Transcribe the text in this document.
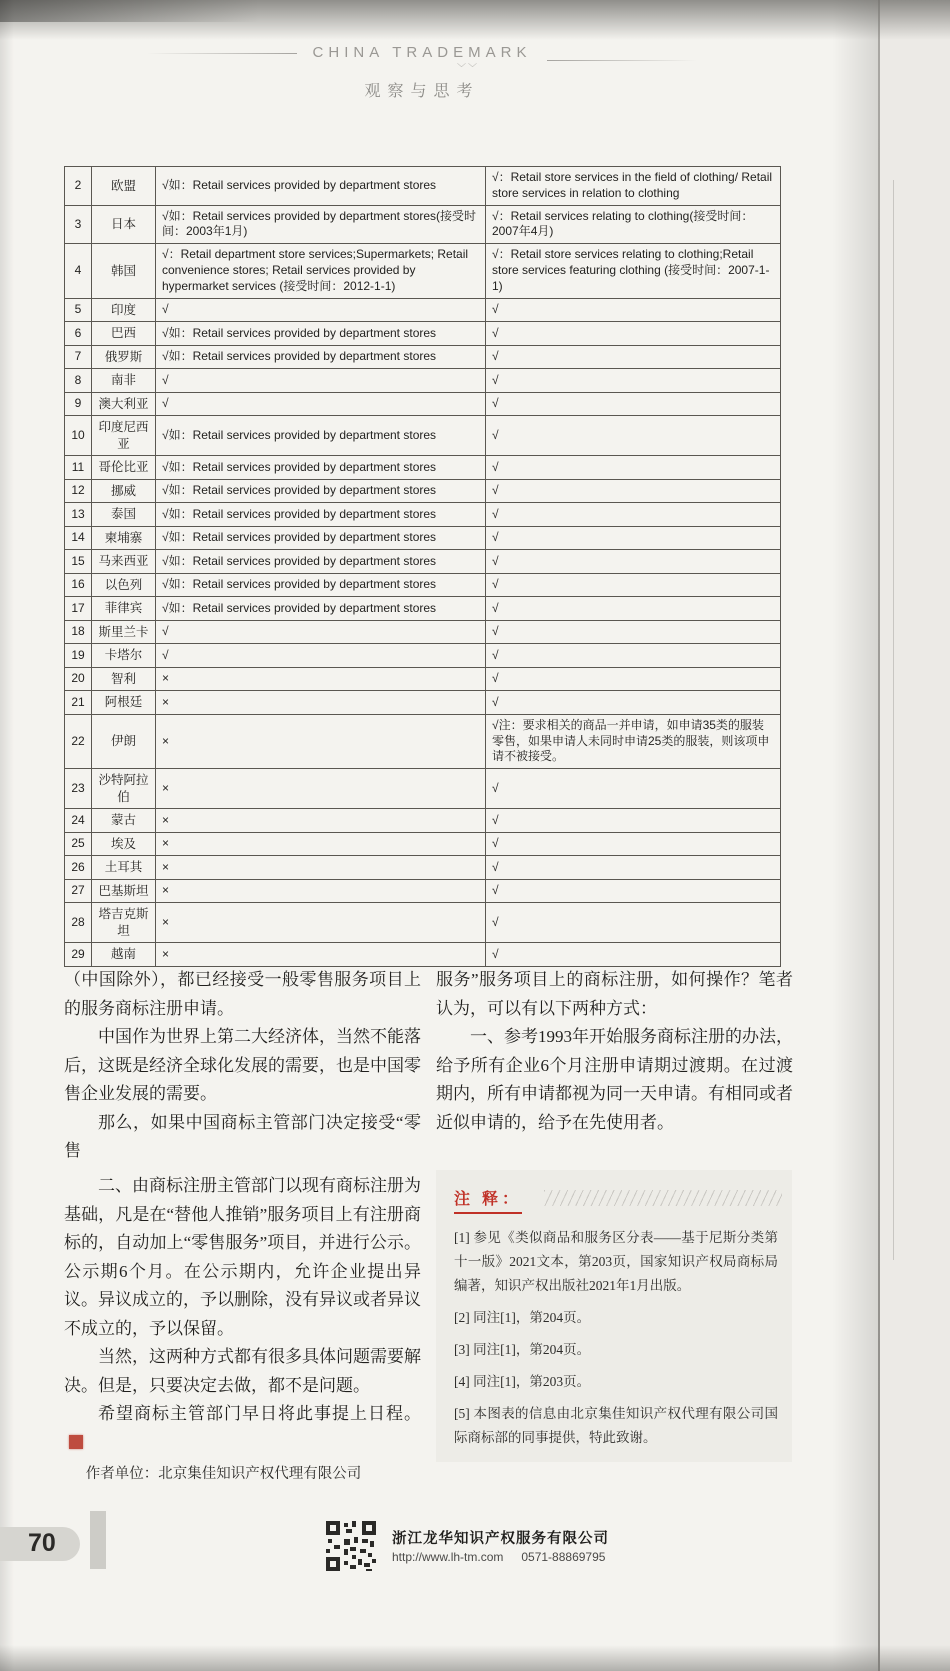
CHINA TRADEMARK
﹀﹀
观察与思考
2	欧盟	√如：Retail services provided by department stores	√：Retail store services in the field of clothing/ Retail store services in relation to clothing
3	日本	√如：Retail services provided by department stores(接受时间：2003年1月)	√：Retail services relating to clothing(接受时间：2007年4月)
4	韩国	√：Retail department store services;Supermarkets; Retail convenience stores; Retail services provided by hypermarket services (接受时间：2012-1-1)	√：Retail store services relating to clothing;Retail store services featuring clothing (接受时间：2007-1-1)
5	印度	√	√
6	巴西	√如：Retail services provided by department stores	√
7	俄罗斯	√如：Retail services provided by department stores	√
8	南非	√	√
9	澳大利亚	√	√
10	印度尼西亚	√如：Retail services provided by department stores	√
11	哥伦比亚	√如：Retail services provided by department stores	√
12	挪威	√如：Retail services provided by department stores	√
13	泰国	√如：Retail services provided by department stores	√
14	柬埔寨	√如：Retail services provided by department stores	√
15	马来西亚	√如：Retail services provided by department stores	√
16	以色列	√如：Retail services provided by department stores	√
17	菲律宾	√如：Retail services provided by department stores	√
18	斯里兰卡	√	√
19	卡塔尔	√	√
20	智利	×	√
21	阿根廷	×	√
22	伊朗	×	√注：要求相关的商品一并申请，如申请35类的服装零售，如果申请人未同时申请25类的服装，则该项申请不被接受。
23	沙特阿拉伯	×	√
24	蒙古	×	√
25	埃及	×	√
26	土耳其	×	√
27	巴基斯坦	×	√
28	塔吉克斯坦	×	√
29	越南	×	√

（中国除外），都已经接受一般零售服务项目上的服务商标注册申请。

中国作为世界上第二大经济体，当然不能落后，这既是经济全球化发展的需要，也是中国零售企业发展的需要。

那么，如果中国商标主管部门决定接受“零售

服务”服务项目上的商标注册，如何操作？笔者认为，可以有以下两种方式：

一、参考1993年开始服务商标注册的办法，给予所有企业6个月注册申请期过渡期。在过渡期内，所有申请都视为同一天申请。有相同或者近似申请的，给予在先使用者。

二、由商标注册主管部门以现有商标注册为基础，凡是在“替他人推销”服务项目上有注册商标的，自动加上“零售服务”项目，并进行公示。公示期6个月。在公示期内，允许企业提出异议。异议成立的，予以删除，没有异议或者异议不成立的，予以保留。

当然，这两种方式都有很多具体问题需要解决。但是，只要决定去做，都不是问题。

希望商标主管部门早日将此事提上日程。

作者单位：北京集佳知识产权代理有限公司

注 释：

[1] 参见《类似商品和服务区分表——基于尼斯分类第十一版》2021文本，第203页，国家知识产权局商标局编著，知识产权出版社2021年1月出版。

[2] 同注[1]，第204页。

[3] 同注[1]，第204页。

[4] 同注[1]，第203页。

[5] 本图表的信息由北京集佳知识产权代理有限公司国际商标部的同事提供，特此致谢。

70	浙江龙华知识产权服务有限公司
http://www.lh-tm.com 0571-88869795
